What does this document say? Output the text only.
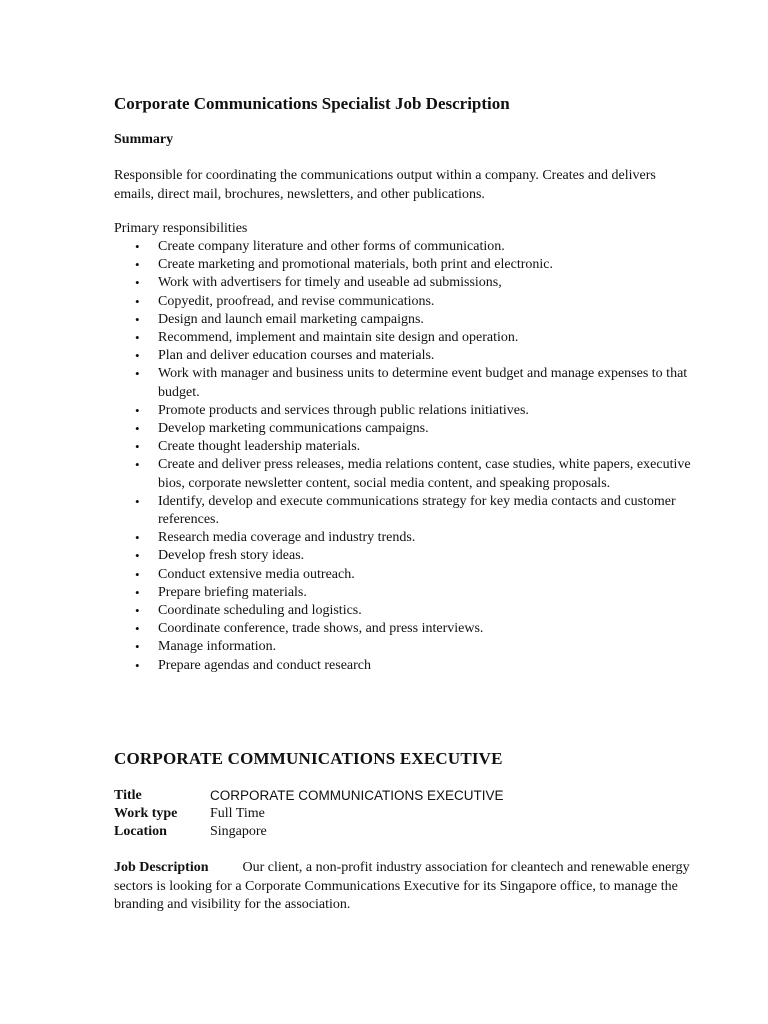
Corporate Communications Specialist Job Description
Summary

Responsible for coordinating the communications output within a company. Creates and delivers emails, direct mail, brochures, newsletters, and other publications.

Primary responsibilities

• Create company literature and other forms of communication.
• Create marketing and promotional materials, both print and electronic.
• Work with advertisers for timely and useable ad submissions,
• Copyedit, proofread, and revise communications.
• Design and launch email marketing campaigns.
• Recommend, implement and maintain site design and operation.
• Plan and deliver education courses and materials.
• Work with manager and business units to determine event budget and manage expenses to that budget.
• Promote products and services through public relations initiatives.
• Develop marketing communications campaigns.
• Create thought leadership materials.
• Create and deliver press releases, media relations content, case studies, white papers, executive bios, corporate newsletter content, social media content, and speaking proposals.
• Identify, develop and execute communications strategy for key media contacts and customer references.
• Research media coverage and industry trends.
• Develop fresh story ideas.
• Conduct extensive media outreach.
• Prepare briefing materials.
• Coordinate scheduling and logistics.
• Coordinate conference, trade shows, and press interviews.
• Manage information.
• Prepare agendas and conduct research
CORPORATE COMMUNICATIONS EXECUTIVE
Title	CORPORATE COMMUNICATIONS EXECUTIVE
Work type	Full Time
Location	Singapore

Job Description Our client, a non-profit industry association for cleantech and renewable energy sectors is looking for a Corporate Communications Executive for its Singapore office, to manage the branding and visibility for the association.
